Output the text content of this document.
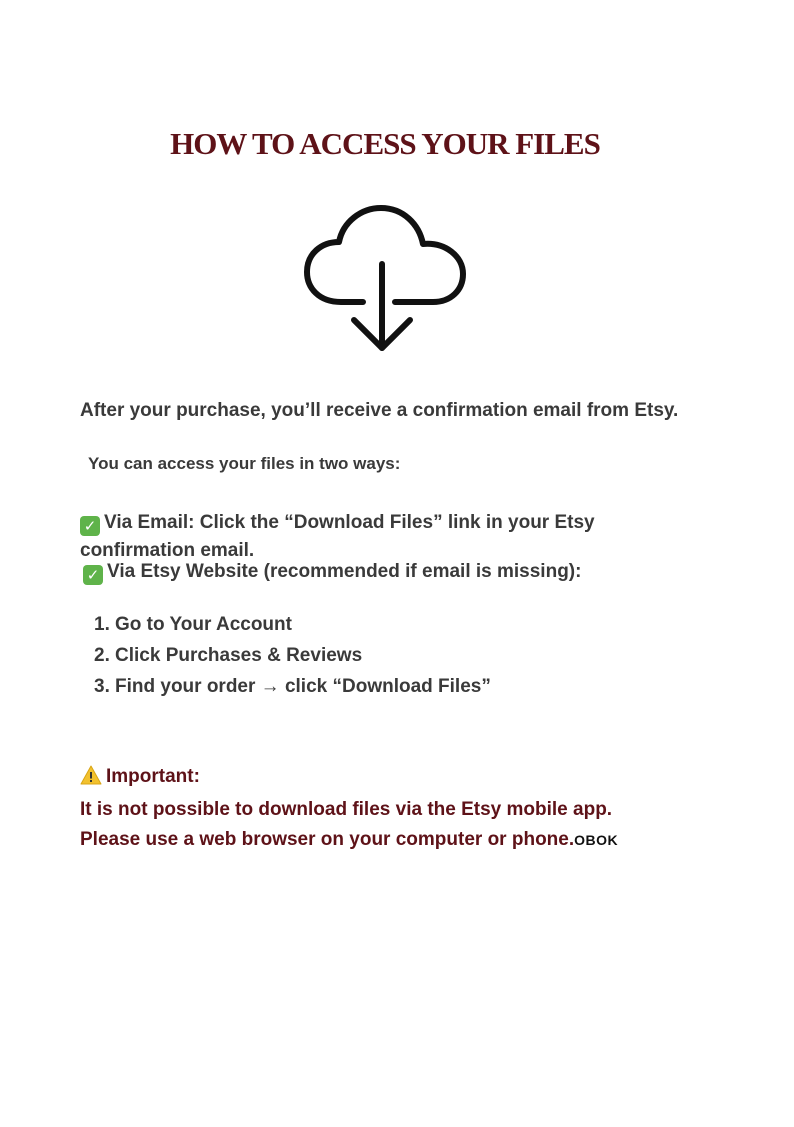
HOW TO ACCESS YOUR FILES

After your purchase, you’ll receive a confirmation email from Etsy.

You can access your files in two ways:

✓ Via Email: Click the “Download Files” link in your Etsy confirmation email.

✓ Via Etsy Website (recommended if email is missing):

1. Go to Your Account
2. Click Purchases & Reviews
3. Find your order → click “Download Files”

Important:

It is not possible to download files via the Etsy mobile app.
Please use a web browser on your computer or phone.OBOK
